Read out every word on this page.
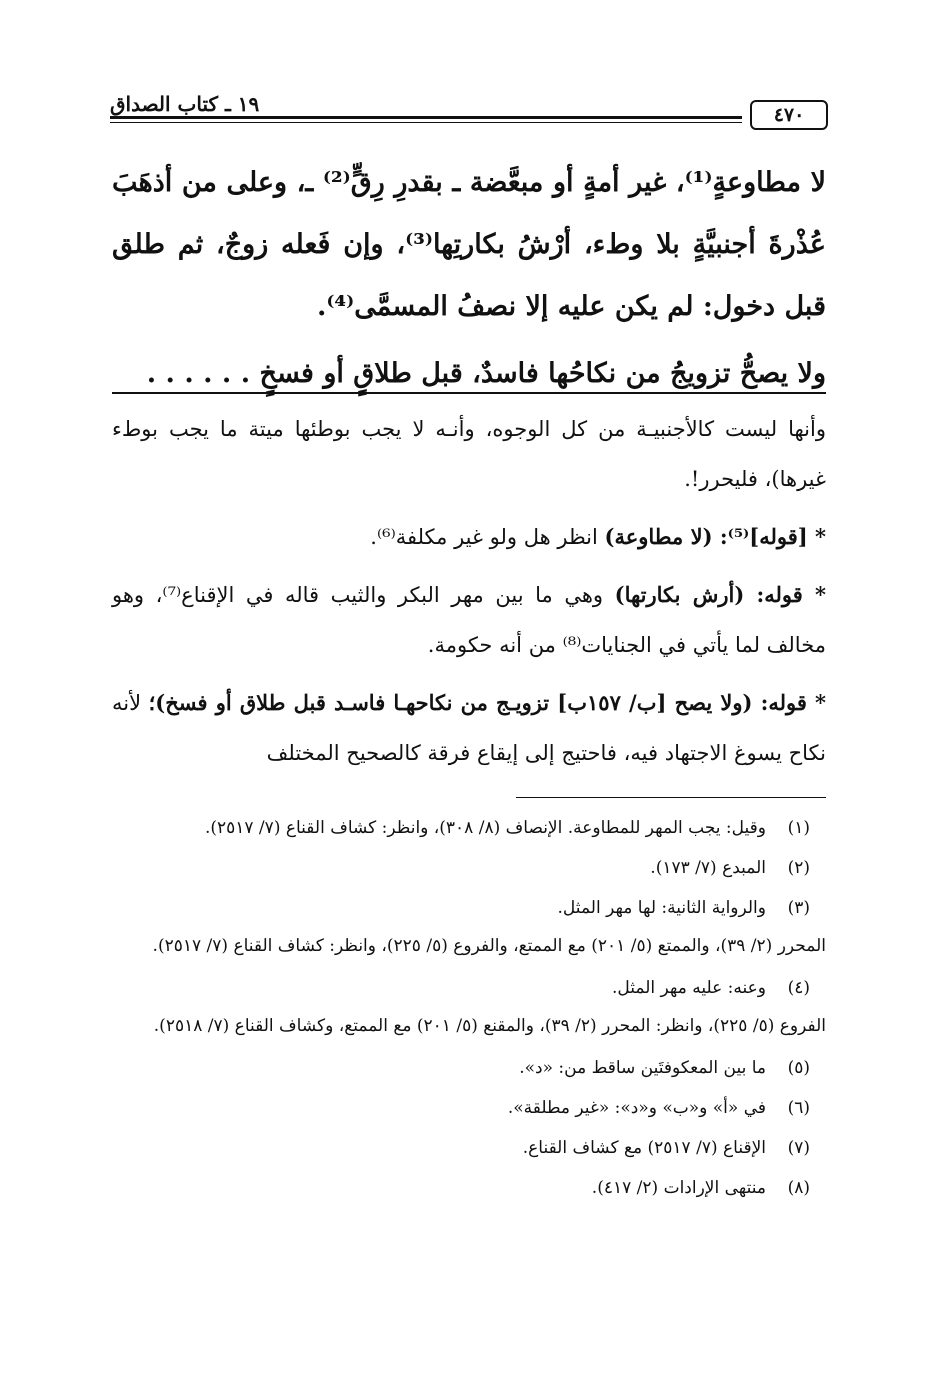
١٩ ـ كتاب الصداق	٤٧٠

لا مطاوعةٍ⁽¹⁾، غير أمةٍ أو مبعَّضة ـ بقدرِ رِقٍّ⁽²⁾ ـ، وعلى من أذهَبَ عُذْرةَ أجنبيَّةٍ بلا وطء، أرْشُ بكارتِها⁽³⁾، وإن فَعله زوجٌ، ثم طلق قبل دخول: لم يكن عليه إلا نصفُ المسمَّى⁽⁴⁾.

ولا يصحُّ تزويجُ من نكاحُها فاسدٌ، قبل طلاقٍ أو فسخٍ . . . . . .

وأنها ليست كالأجنبيـة من كل الوجوه، وأنـه لا يجب بوطئها ميتة ما يجب بوطء غيرها)، فليحرر!.

* [قوله]⁽⁵⁾: (لا مطاوعة) انظر هل ولو غير مكلفة⁽⁶⁾.

* قوله: (أرش بكارتها) وهي ما بين مهر البكر والثيب قاله في الإقناع⁽⁷⁾، وهو مخالف لما يأتي في الجنايات⁽⁸⁾ من أنه حكومة.

* قوله: (ولا يصح [ب/ ١٥٧ب] تزويـج من نكاحهـا فاسـد قبل طلاق أو فسخ)؛ لأنه نكاح يسوغ الاجتهاد فيه، فاحتيج إلى إيقاع فرقة كالصحيح المختلف

(١)
وقيل: يجب المهر للمطاوعة. الإنصاف (٨/ ٣٠٨)، وانظر: كشاف القناع (٧/ ٢٥١٧).
(٢)
المبدع (٧/ ١٧٣).
(٣)
والرواية الثانية: لها مهر المثل.

المحرر (٢/ ٣٩)، والممتع (٥/ ٢٠١) مع الممتع، والفروع (٥/ ٢٢٥)، وانظر: كشاف القناع (٧/ ٢٥١٧).

(٤)
وعنه: عليه مهر المثل.

الفروع (٥/ ٢٢٥)، وانظر: المحرر (٢/ ٣٩)، والمقنع (٥/ ٢٠١) مع الممتع، وكشاف القناع (٧/ ٢٥١٨).

(٥)
ما بين المعكوفتَين ساقط من: «د».
(٦)
في «أ» و«ب» و«د»: «غير مطلقة».
(٧)
الإقناع (٧/ ٢٥١٧) مع كشاف القناع.
(٨)
منتهى الإرادات (٢/ ٤١٧).
